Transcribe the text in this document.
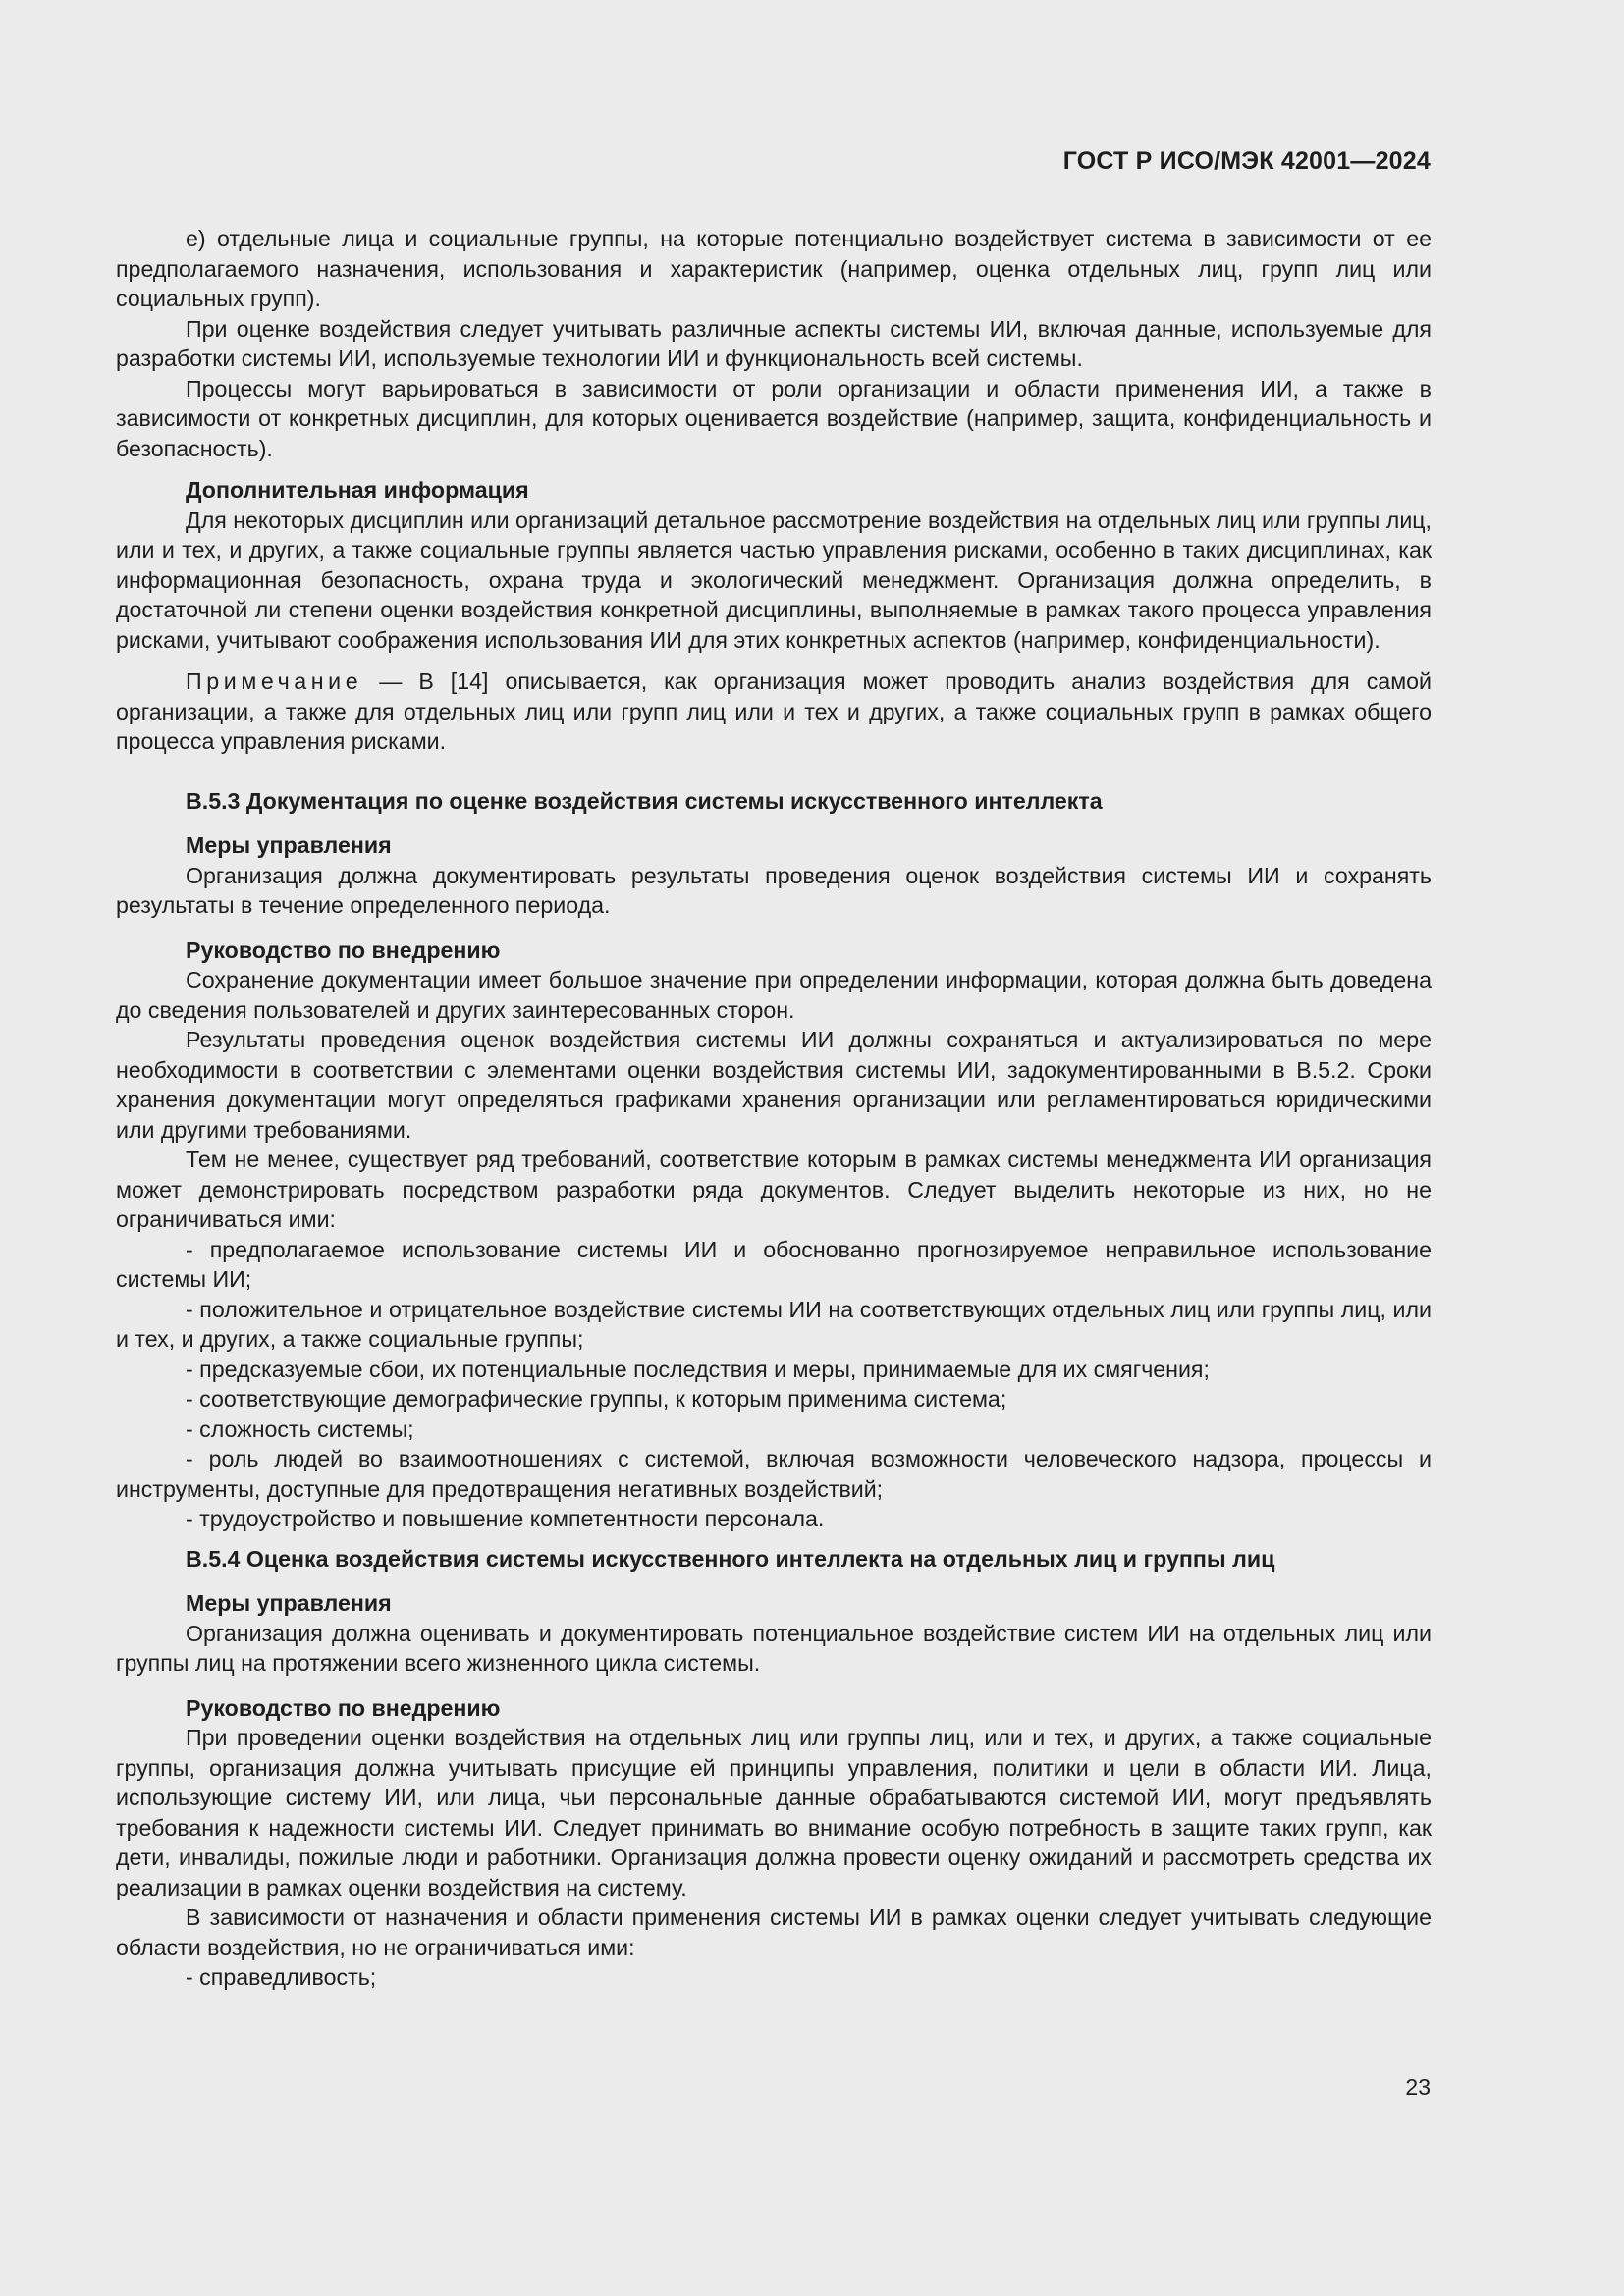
ГОСТ Р ИСО/МЭК 42001—2024

е) отдельные лица и социальные группы, на которые потенциально воздействует система в зависимости от ее предполагаемого назначения, использования и характеристик (например, оценка отдельных лиц, групп лиц или социальных групп).

При оценке воздействия следует учитывать различные аспекты системы ИИ, включая данные, используемые для разработки системы ИИ, используемые технологии ИИ и функциональность всей системы.

Процессы могут варьироваться в зависимости от роли организации и области применения ИИ, а также в зависимости от конкретных дисциплин, для которых оценивается воздействие (например, защита, конфиденциальность и безопасность).

Дополнительная информация

Для некоторых дисциплин или организаций детальное рассмотрение воздействия на отдельных лиц или группы лиц, или и тех, и других, а также социальные группы является частью управления рисками, особенно в таких дисциплинах, как информационная безопасность, охрана труда и экологический менеджмент. Организация должна определить, в достаточной ли степени оценки воздействия конкретной дисциплины, выполняемые в рамках такого процесса управления рисками, учитывают соображения использования ИИ для этих конкретных аспектов (например, конфиденциальности).

Примечание — В [14] описывается, как организация может проводить анализ воздействия для самой организации, а также для отдельных лиц или групп лиц или и тех и других, а также социальных групп в рамках общего процесса управления рисками.

В.5.3 Документация по оценке воздействия системы искусственного интеллекта

Меры управления

Организация должна документировать результаты проведения оценок воздействия системы ИИ и сохранять результаты в течение определенного периода.

Руководство по внедрению

Сохранение документации имеет большое значение при определении информации, которая должна быть доведена до сведения пользователей и других заинтересованных сторон.

Результаты проведения оценок воздействия системы ИИ должны сохраняться и актуализироваться по мере необходимости в соответствии с элементами оценки воздействия системы ИИ, задокументированными в В.5.2. Сроки хранения документации могут определяться графиками хранения организации или регламентироваться юридическими или другими требованиями.

Тем не менее, существует ряд требований, соответствие которым в рамках системы менеджмента ИИ организация может демонстрировать посредством разработки ряда документов. Следует выделить некоторые из них, но не ограничиваться ими:

- предполагаемое использование системы ИИ и обоснованно прогнозируемое неправильное использование системы ИИ;

- положительное и отрицательное воздействие системы ИИ на соответствующих отдельных лиц или группы лиц, или и тех, и других, а также социальные группы;

- предсказуемые сбои, их потенциальные последствия и меры, принимаемые для их смягчения;

- соответствующие демографические группы, к которым применима система;

- сложность системы;

- роль людей во взаимоотношениях с системой, включая возможности человеческого надзора, процессы и инструменты, доступные для предотвращения негативных воздействий;

- трудоустройство и повышение компетентности персонала.

В.5.4 Оценка воздействия системы искусственного интеллекта на отдельных лиц и группы лиц

Меры управления

Организация должна оценивать и документировать потенциальное воздействие систем ИИ на отдельных лиц или группы лиц на протяжении всего жизненного цикла системы.

Руководство по внедрению

При проведении оценки воздействия на отдельных лиц или группы лиц, или и тех, и других, а также социальные группы, организация должна учитывать присущие ей принципы управления, политики и цели в области ИИ. Лица, использующие систему ИИ, или лица, чьи персональные данные обрабатываются системой ИИ, могут предъявлять требования к надежности системы ИИ. Следует принимать во внимание особую потребность в защите таких групп, как дети, инвалиды, пожилые люди и работники. Организация должна провести оценку ожиданий и рассмотреть средства их реализации в рамках оценки воздействия на систему.

В зависимости от назначения и области применения системы ИИ в рамках оценки следует учитывать следующие области воздействия, но не ограничиваться ими:

- справедливость;

23
